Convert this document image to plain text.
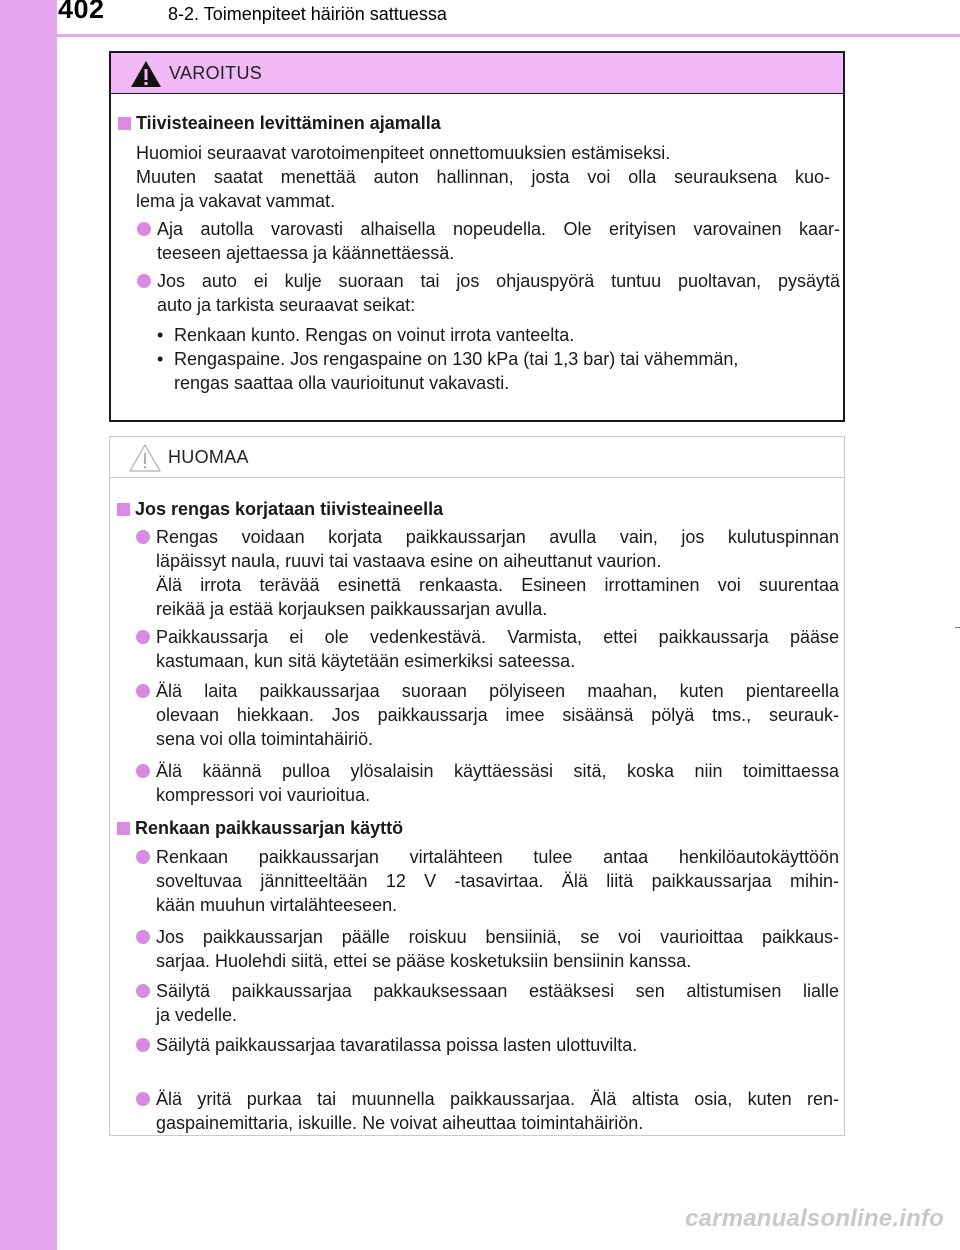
402	8-2. Toimenpiteet häiriön sattuessa
VAROITUS
Tiivisteaineen levittäminen ajamalla
Huomioi seuraavat varotoimenpiteet onnettomuuksien estämiseksi.
Muuten saatat menettää auton hallinnan, josta voi olla seurauksena kuo-
lema ja vakavat vammat.
Aja autolla varovasti alhaisella nopeudella. Ole erityisen varovainen kaar-
teeseen ajettaessa ja käännettäessä.
Jos auto ei kulje suoraan tai jos ohjauspyörä tuntuu puoltavan, pysäytä
auto ja tarkista seuraavat seikat:
• Renkaan kunto. Rengas on voinut irrota vanteelta.
• Rengaspaine. Jos rengaspaine on 130 kPa (tai 1,3 bar) tai vähemmän,
rengas saattaa olla vaurioitunut vakavasti.
HUOMAA
Jos rengas korjataan tiivisteaineella
Rengas voidaan korjata paikkaussarjan avulla vain, jos kulutuspinnan
läpäissyt naula, ruuvi tai vastaava esine on aiheuttanut vaurion.
Älä irrota terävää esinettä renkaasta. Esineen irrottaminen voi suurentaa
reikää ja estää korjauksen paikkaussarjan avulla.
Paikkaussarja ei ole vedenkestävä. Varmista, ettei paikkaussarja pääse
kastumaan, kun sitä käytetään esimerkiksi sateessa.
Älä laita paikkaussarjaa suoraan pölyiseen maahan, kuten pientareella
olevaan hiekkaan. Jos paikkaussarja imee sisäänsä pölyä tms., seurauk-
sena voi olla toimintahäiriö.
Älä käännä pulloa ylösalaisin käyttäessäsi sitä, koska niin toimittaessa
kompressori voi vaurioitua.
Renkaan paikkaussarjan käyttö
Renkaan paikkaussarjan virtalähteen tulee antaa henkilöautokäyttöön
soveltuvaa jännitteeltään 12 V -tasavirtaa. Älä liitä paikkaussarjaa mihin-
kään muuhun virtalähteeseen.
Jos paikkaussarjan päälle roiskuu bensiiniä, se voi vaurioittaa paikkaus-
sarjaa. Huolehdi siitä, ettei se pääse kosketuksiin bensiinin kanssa.
Säilytä paikkaussarjaa pakkauksessaan estääksesi sen altistumisen lialle
ja vedelle.
Säilytä paikkaussarjaa tavaratilassa poissa lasten ulottuvilta.
Älä yritä purkaa tai muunnella paikkaussarjaa. Älä altista osia, kuten ren-
gaspainemittaria, iskuille. Ne voivat aiheuttaa toimintahäiriön.
carmanualsonline.info
